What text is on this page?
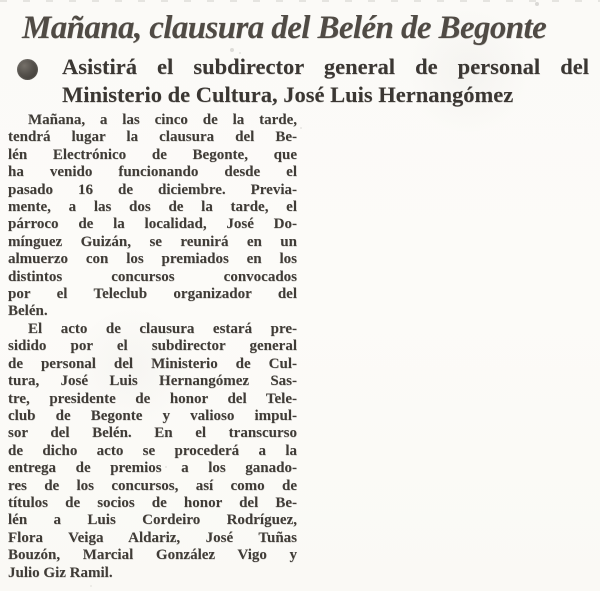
Mañana, clausura del Belén de Begonte
Asistirá el subdirector general de personal del
Ministerio de Cultura, José Luis Hernangómez
Mañana, a las cinco de la tarde,
tendrá lugar la clausura del Be-
lén Electrónico de Begonte, que
ha venido funcionando desde el
pasado 16 de diciembre. Previa-
mente, a las dos de la tarde, el
párroco de la localidad, José Do-
mínguez Guizán, se reunirá en un
almuerzo con los premiados en los
distintos concursos convocados
por el Teleclub organizador del
Belén.
El acto de clausura estará pre-
sidido por el subdirector general
de personal del Ministerio de Cul-
tura, José Luis Hernangómez Sas-
tre, presidente de honor del Tele-
club de Begonte y valioso impul-
sor del Belén. En el transcurso
de dicho acto se procederá a la
entrega de premios a los ganado-
res de los concursos, así como de
títulos de socios de honor del Be-
lén a Luis Cordeiro Rodríguez,
Flora Veiga Aldariz, José Tuñas
Bouzón, Marcial González Vigo y
Julio Giz Ramil.
